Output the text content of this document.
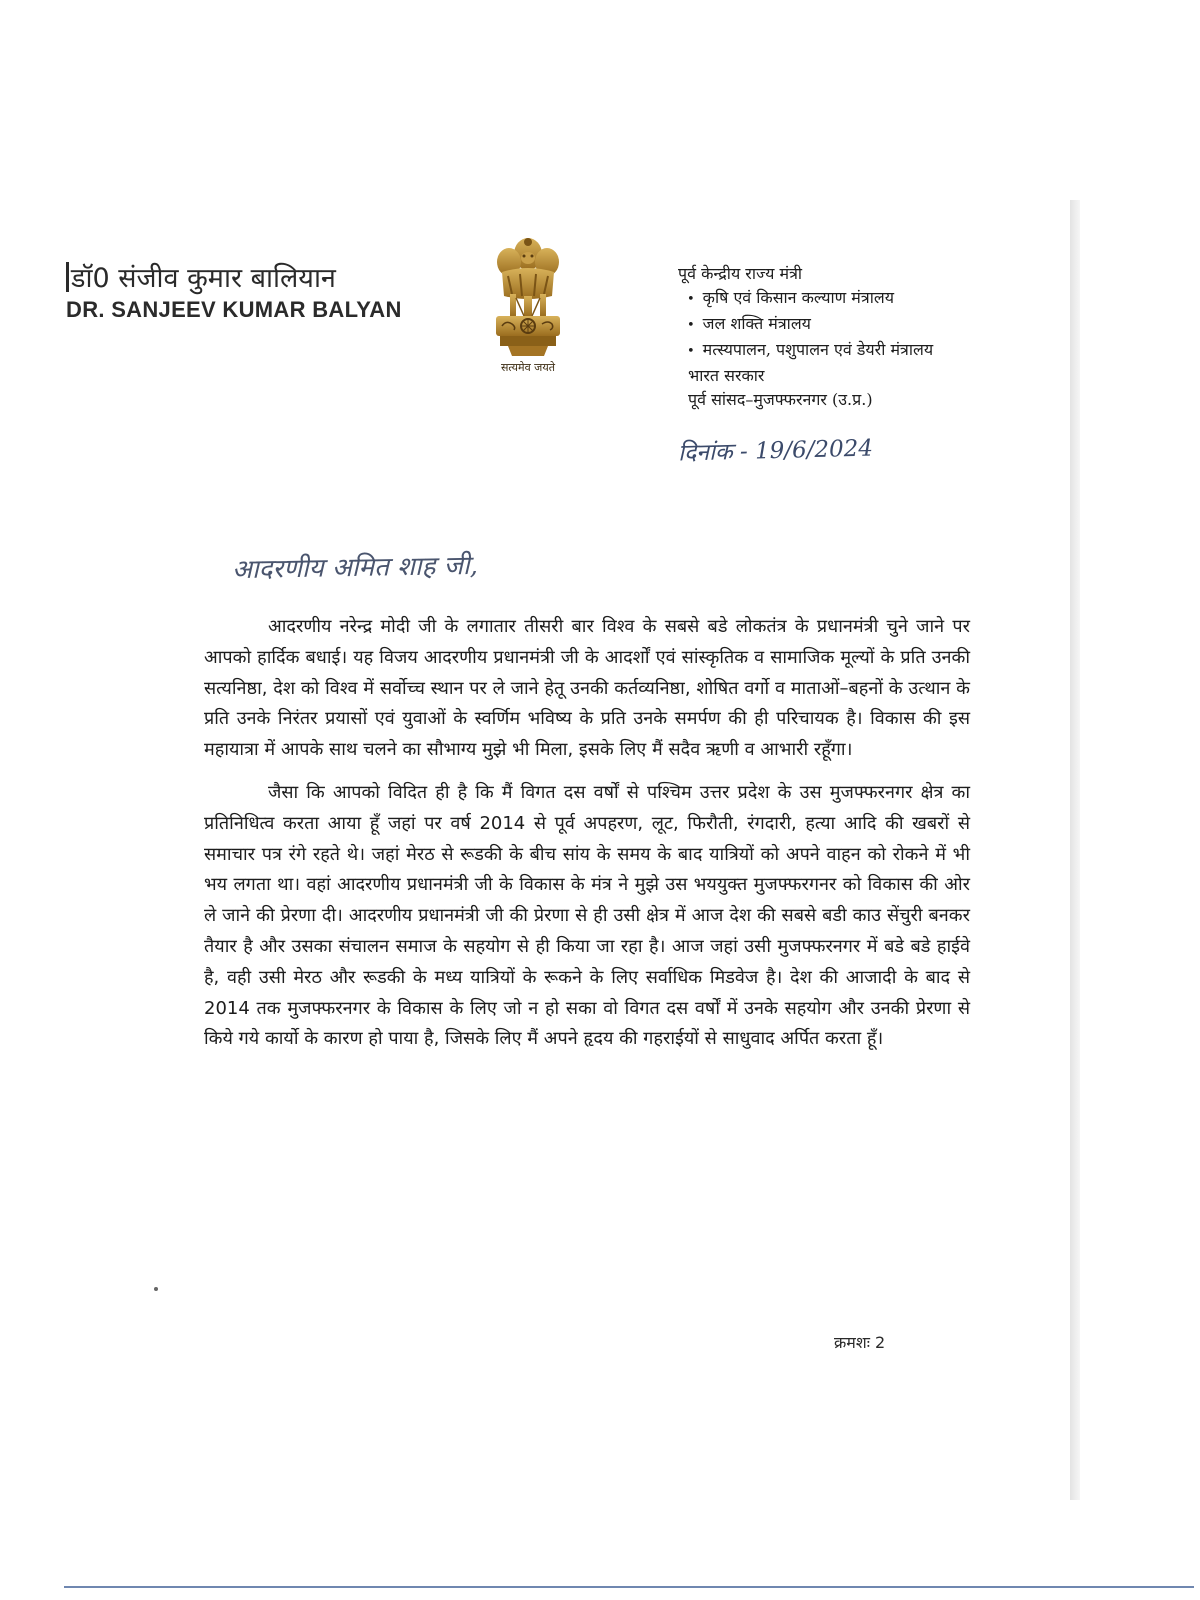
डॉ0 संजीव कुमार बालियान
DR. SANJEEV KUMAR BALYAN
सत्यमेव जयते
पूर्व केन्द्रीय राज्य मंत्री
• कृषि एवं किसान कल्याण मंत्रालय
• जल शक्ति मंत्रालय
• मत्स्यपालन, पशुपालन एवं डेयरी मंत्रालय
भारत सरकार
पूर्व सांसद–मुजफ्फरनगर (उ.प्र.)
दिनांक - 19/6/2024
आदरणीय अमित शाह जी,

आदरणीय नरेन्द्र मोदी जी के लगातार तीसरी बार विश्व के सबसे बडे लोकतंत्र के प्रधानमंत्री चुने जाने पर आपको हार्दिक बधाई। यह विजय आदरणीय प्रधानमंत्री जी के आदर्शों एवं सांस्कृतिक व सामाजिक मूल्यों के प्रति उनकी सत्यनिष्ठा, देश को विश्व में सर्वोच्च स्थान पर ले जाने हेतू उनकी कर्तव्यनिष्ठा, शोषित वर्गो व माताओं–बहनों के उत्थान के प्रति उनके निरंतर प्रयासों एवं युवाओं के स्वर्णिम भविष्य के प्रति उनके समर्पण की ही परिचायक है। विकास की इस महायात्रा में आपके साथ चलने का सौभाग्य मुझे भी मिला, इसके लिए मैं सदैव ऋणी व आभारी रहूँगा।

जैसा कि आपको विदित ही है कि मैं विगत दस वर्षों से पश्चिम उत्तर प्रदेश के उस मुजफ्फरनगर क्षेत्र का प्रतिनिधित्व करता आया हूँ जहां पर वर्ष 2014 से पूर्व अपहरण, लूट, फिरौती, रंगदारी, हत्या आदि की खबरों से समाचार पत्र रंगे रहते थे। जहां मेरठ से रूडकी के बीच सांय के समय के बाद यात्रियों को अपने वाहन को रोकने में भी भय लगता था। वहां आदरणीय प्रधानमंत्री जी के विकास के मंत्र ने मुझे उस भययुक्त मुजफ्फरगनर को विकास की ओर ले जाने की प्रेरणा दी। आदरणीय प्रधानमंत्री जी की प्रेरणा से ही उसी क्षेत्र में आज देश की सबसे बडी काउ सेंचुरी बनकर तैयार है और उसका संचालन समाज के सहयोग से ही किया जा रहा है। आज जहां उसी मुजफ्फरनगर में बडे बडे हाईवे है, वही उसी मेरठ और रूडकी के मध्य यात्रियों के रूकने के लिए सर्वाधिक मिडवेज है। देश की आजादी के बाद से 2014 तक मुजफ्फरनगर के विकास के लिए जो न हो सका वो विगत दस वर्षों में उनके सहयोग और उनकी प्रेरणा से किये गये कार्यो के कारण हो पाया है, जिसके लिए मैं अपने हृदय की गहराईयों से साधुवाद अर्पित करता हूँ।

क्रमशः 2
